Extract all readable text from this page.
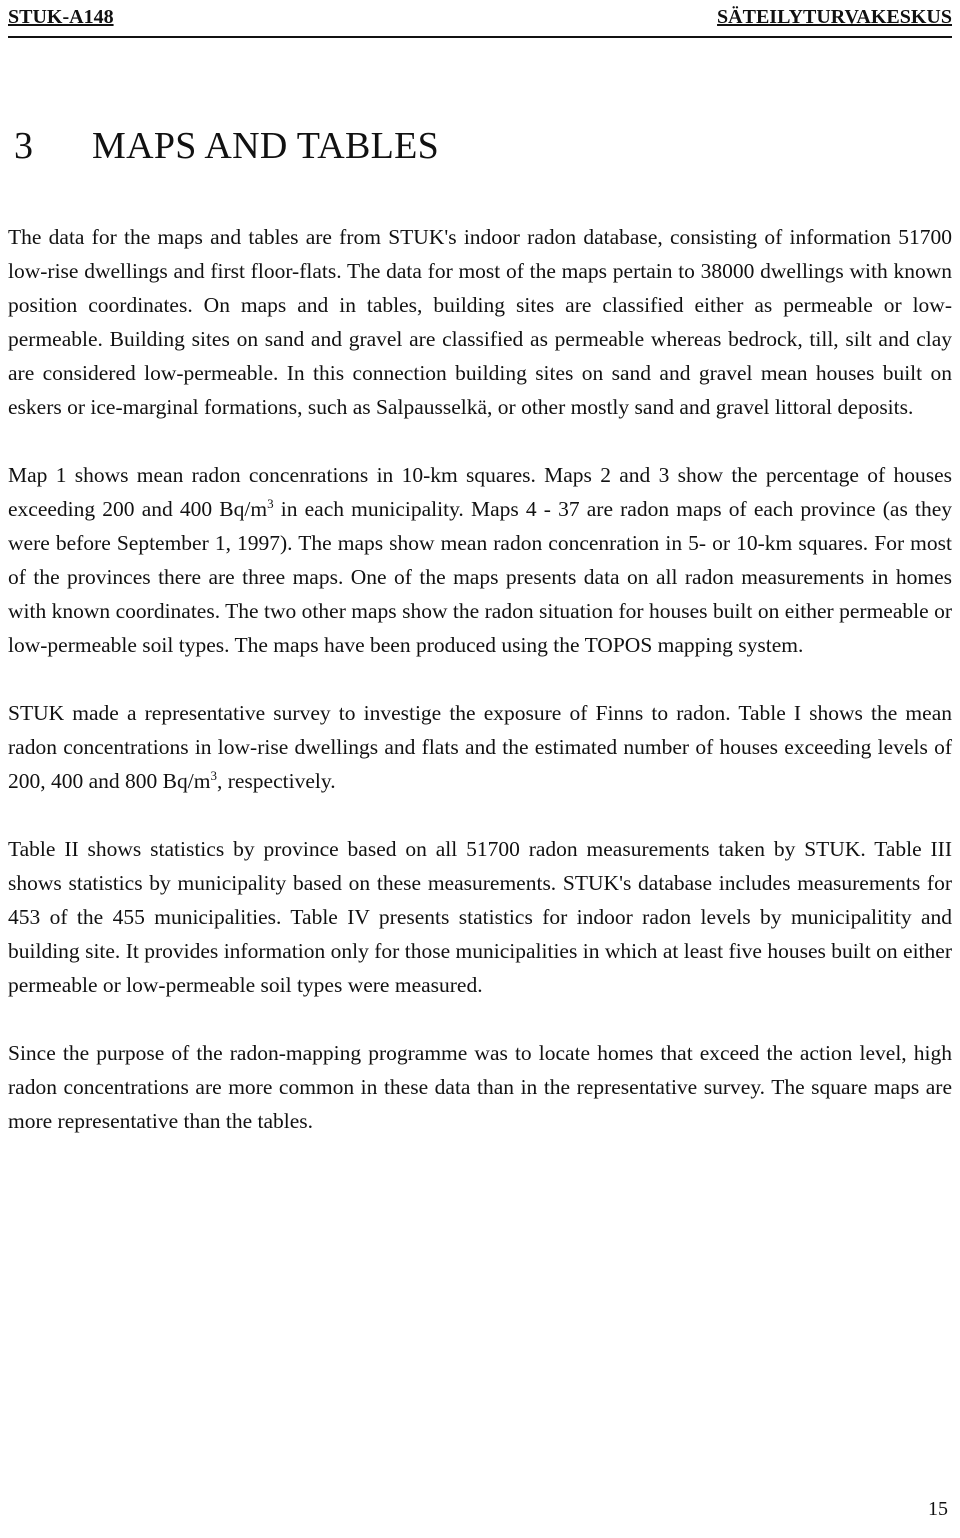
STUK-A148	SÄTEILYTURVAKESKUS
3 MAPS AND TABLES

The data for the maps and tables are from STUK's indoor radon database, consisting of information 51700 low-rise dwellings and first floor-flats. The data for most of the maps pertain to 38000 dwellings with known position coordinates. On maps and in tables, building sites are classified either as permeable or low-permeable. Building sites on sand and gravel are classified as permeable whereas bedrock, till, silt and clay are considered low-permeable. In this connection building sites on sand and gravel mean houses built on eskers or ice-marginal formations, such as Salpausselkä, or other mostly sand and gravel littoral deposits.

Map 1 shows mean radon concenrations in 10-km squares. Maps 2 and 3 show the percentage of houses exceeding 200 and 400 $Bq/m^3$ in each municipality. Maps 4 - 37 are radon maps of each province (as they were before September 1, 1997). The maps show mean radon concenration in 5- or 10-km squares. For most of the provinces there are three maps. One of the maps presents data on all radon measurements in homes with known coordinates. The two other maps show the radon situation for houses built on either permeable or low-permeable soil types. The maps have been produced using the TOPOS mapping system.

STUK made a representative survey to investige the exposure of Finns to radon. Table I shows the mean radon concentrations in low-rise dwellings and flats and the estimated number of houses exceeding levels of 200, 400 and 800 $Bq/m^3$, respectively.

Table II shows statistics by province based on all 51700 radon measurements taken by STUK. Table III shows statistics by municipality based on these measurements. STUK's database includes measurements for 453 of the 455 municipalities. Table IV presents statistics for indoor radon levels by municipalitity and building site. It provides information only for those municipalities in which at least five houses built on either permeable or low-permeable soil types were measured.

Since the purpose of the radon-mapping programme was to locate homes that exceed the action level, high radon concentrations are more common in these data than in the representative survey. The square maps are more representative than the tables.

15
